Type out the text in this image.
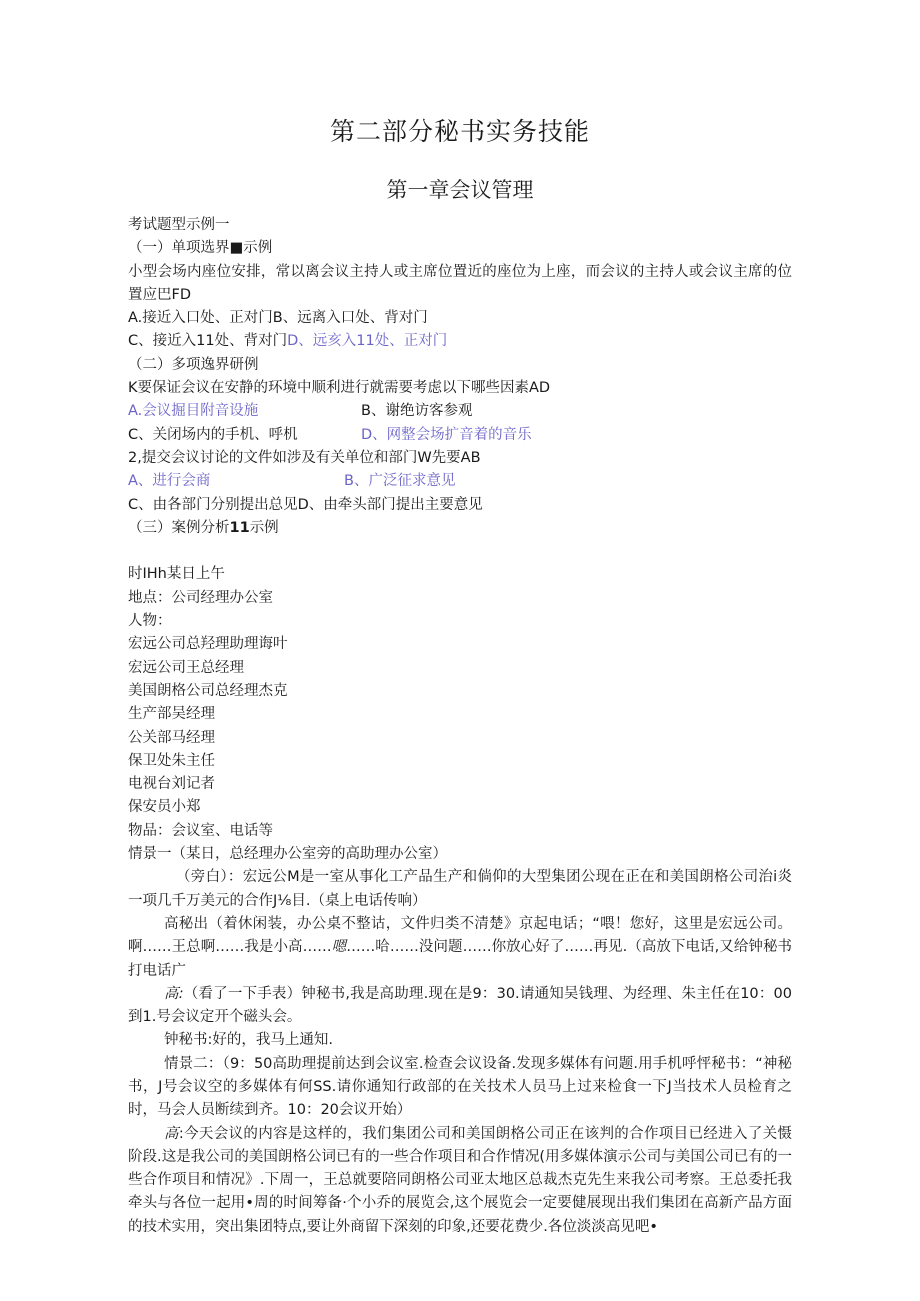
第二部分秘书实务技能
第一章会议管理
考试题型示例一
（一）单项选界■示例
小型会场内座位安排，常以离会议主持人或主席位置近的座位为上座，而会议的主持人或会议主席的位置应巴FD
A.接近入口处、正对门B、远离入口处、背对门
C、接近入11处、背对门D、远亥入11处、正对门
（二）多项逸界研例
K要保证会议在安静的环境中顺利进行就需要考虑以下哪些因素AD
A.会议掘目附音设施	B、谢绝访客参观
C、关闭场内的手机、呼机	D、网整会场扩音着的音乐
2,提交会议讨论的文件如涉及有关单位和部门W先要AB
A、进行会商	B、广泛征求意见
C、由各部门分别提出总见D、由牵头部门提出主要意见
（三）案例分析11示例
时IHh某日上午
地点：公司经理办公室
人物：
宏远公司总羟理助理诲叶
宏远公司王总经理
美国朗格公司总经理杰克
生产部吴经理
公关部马经理
保卫处朱主任
电视台刘记者
保安员小郑
物品：会议室、电话等
情景一（某日，总经理办公室旁的高助理办公室）
（旁白）：宏远公M是一室从事化工产品生产和倘仰的大型集团公现在正在和美国朗格公司治i炎一项几千万美元的合作J⅛目.（桌上电话传响）
高秘出（着休闲装，办公桌不整诂，文件归类不清楚》京起电话；“喂！您好，这里是宏远公司。啊……王总啊……我是小高……嗯……哈……没问题……你放心好了……再见.（高放下电话,又给钟秘书打电话广
高:（看了一下手表）钟秘书,我是高助理.现在是9：30.请通知吴钱理、为经理、朱主任在10：00到1.号会议定开个磁头会。
钟秘书:好的，我马上通知.
情景二：（9：50高助理提前达到会议室.检查会议设备.发现多媒体有问题.用手机呼怦秘书：“神秘书，J号会议空的多媒体有何SS.请你通知行政部的在关技术人员马上过来检食一下J当技术人员检育之时，马会人员断续到齐。10：20会议开始）
高:今天会议的内容是这样的，我们集团公司和美国朗格公司正在该判的合作项目已经进入了关慑阶段.这是我公司的美国朗格公词已有的一些合作项目和合作情况(用多媒体演示公司与美国公司已有的一些合作项目和情况》.下周一，王总就要陪同朗格公司亚太地区总裁杰克先生来我公司考察。王总委托我牵头与各位一起用•周的时间筹备·个小乔的展览会,这个展览会一定要健展现出我们集团在高新产品方面的技术实用，突出集团特点,要让外商留下深刻的印象,还要花费少.各位淡淡高见吧•
